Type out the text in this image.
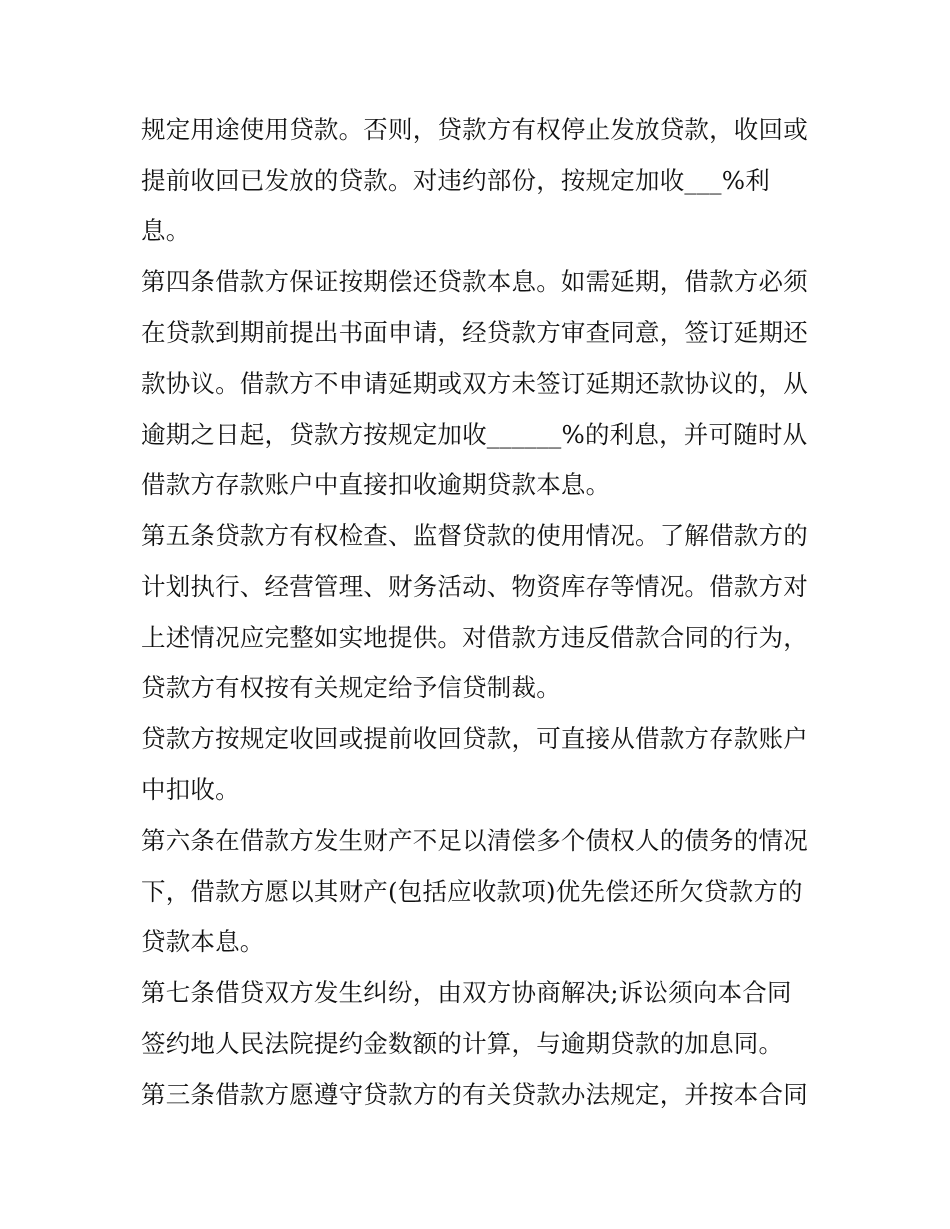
规定用途使用贷款。否则，贷款方有权停止发放贷款，收回或
提前收回已发放的贷款。对违约部份，按规定加收___%利
息。
第四条借款方保证按期偿还贷款本息。如需延期，借款方必须
在贷款到期前提出书面申请，经贷款方审查同意，签订延期还
款协议。借款方不申请延期或双方未签订延期还款协议的，从
逾期之日起，贷款方按规定加收______%的利息，并可随时从
借款方存款账户中直接扣收逾期贷款本息。
第五条贷款方有权检查、监督贷款的使用情况。了解借款方的
计划执行、经营管理、财务活动、物资库存等情况。借款方对
上述情况应完整如实地提供。对借款方违反借款合同的行为，
贷款方有权按有关规定给予信贷制裁。
贷款方按规定收回或提前收回贷款，可直接从借款方存款账户
中扣收。
第六条在借款方发生财产不足以清偿多个债权人的债务的情况
下，借款方愿以其财产(包括应收款项)优先偿还所欠贷款方的
贷款本息。
第七条借贷双方发生纠纷，由双方协商解决;诉讼须向本合同
签约地人民法院提约金数额的计算，与逾期贷款的加息同。
第三条借款方愿遵守贷款方的有关贷款办法规定，并按本合同
